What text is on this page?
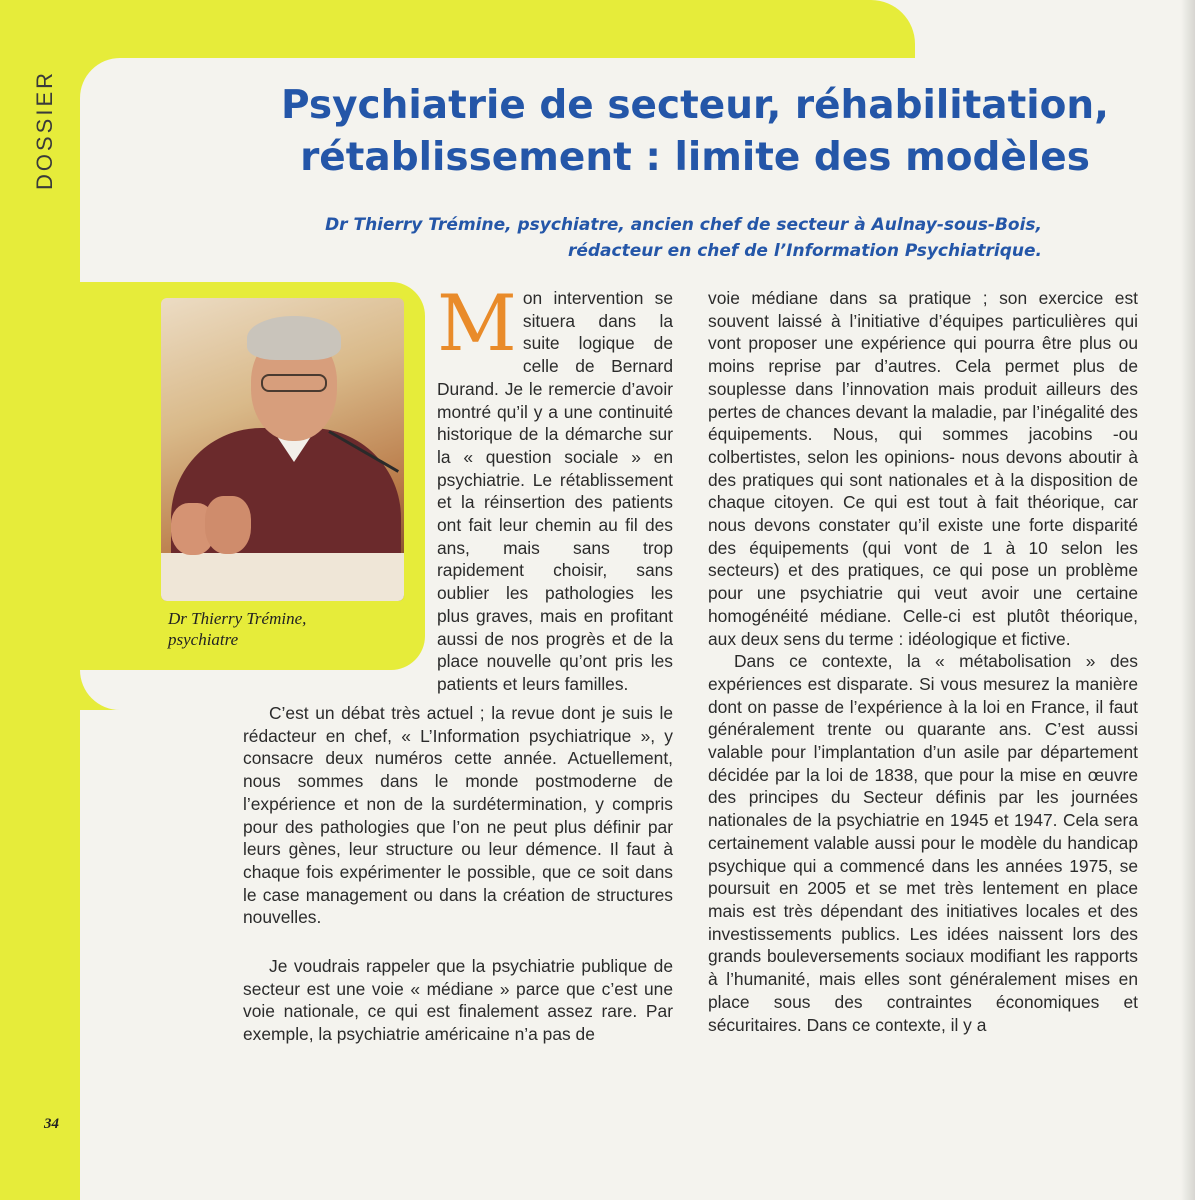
DOSSIER	Psychiatrie de secteur, réhabilitation,
rétablissement : limite des modèles
Dr Thierry Trémine, psychiatre, ancien chef de secteur à Aulnay-sous-Bois,
rédacteur en chef de l’Information Psychiatrique.
Dr Thierry Trémine,
psychiatre

Mon intervention se situera dans la suite logique de celle de Bernard Durand. Je le remercie d’avoir montré qu’il y a une continuité historique de la démarche sur la « question sociale » en psychiatrie. Le rétablissement et la réinsertion des patients ont fait leur chemin au fil des ans, mais sans trop rapidement choisir, sans oublier les pathologies les plus graves, mais en profitant aussi de nos progrès et de la place nouvelle qu’ont pris les patients et leurs familles.

C’est un débat très actuel ; la revue dont je suis le rédacteur en chef, « L’Information psychiatrique », y consacre deux numéros cette année. Actuellement, nous sommes dans le monde postmoderne de l’expérience et non de la surdétermination, y compris pour des pathologies que l’on ne peut plus définir par leurs gènes, leur structure ou leur démence. Il faut à chaque fois expérimenter le possible, que ce soit dans le case management ou dans la création de structures nouvelles.

Je voudrais rappeler que la psychiatrie publique de secteur est une voie « médiane » parce que c’est une voie nationale, ce qui est finalement assez rare. Par exemple, la psychiatrie américaine n’a pas de

voie médiane dans sa pratique ; son exercice est souvent laissé à l’initiative d’équipes particulières qui vont proposer une expérience qui pourra être plus ou moins reprise par d’autres. Cela permet plus de souplesse dans l’innovation mais produit ailleurs des pertes de chances devant la maladie, par l’inégalité des équipements. Nous, qui sommes jacobins -ou colbertistes, selon les opinions- nous devons aboutir à des pratiques qui sont nationales et à la disposition de chaque citoyen. Ce qui est tout à fait théorique, car nous devons constater qu’il existe une forte disparité des équipements (qui vont de 1 à 10 selon les secteurs) et des pratiques, ce qui pose un problème pour une psychiatrie qui veut avoir une certaine homogénéité médiane. Celle-ci est plutôt théorique, aux deux sens du terme : idéologique et fictive.

Dans ce contexte, la « métabolisation » des expériences est disparate. Si vous mesurez la manière dont on passe de l’expérience à la loi en France, il faut généralement trente ou quarante ans. C’est aussi valable pour l’implantation d’un asile par département décidée par la loi de 1838, que pour la mise en œuvre des principes du Secteur définis par les journées nationales de la psychiatrie en 1945 et 1947. Cela sera certainement valable aussi pour le modèle du handicap psychique qui a commencé dans les années 1975, se poursuit en 2005 et se met très lentement en place mais est très dépendant des initiatives locales et des investissements publics. Les idées naissent lors des grands bouleversements sociaux modifiant les rapports à l’humanité, mais elles sont généralement mises en place sous des contraintes économiques et sécuritaires. Dans ce contexte, il y a

34
